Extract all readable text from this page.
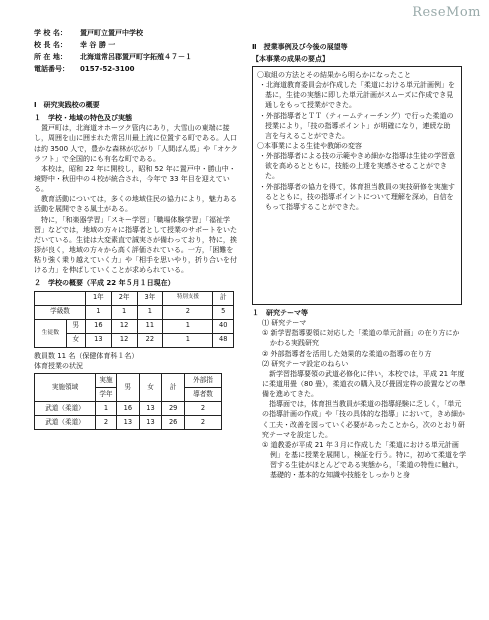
ReseMom
学 校 名：	置戸町立置戸中学校
校 長 名：	幸 谷 勝 一
所 在 地：	北海道常呂郡置戸町字拓殖４７－１
電話番号：	0157-52-3100

Ⅰ　研究実践校の概要

１　学校・地域の特色及び実態

置戸町は，北海道オホーツク管内にあり，大雪山の東端に接し，周囲を山に囲まれた常呂川最上流に位置する町である。人口は約 3500 人で，豊かな森林が広がり「人間ばん馬」や「オケクラフト」で全国的にも有名な町である。

本校は，昭和 22 年に開校し，昭和 52 年に置戸中・勝山中・境野中・秋田中の４校が統合され，今年で 33 年目を迎えている。

教育活動については，多くの地域住民の協力により，魅力ある活動を展開できる風土がある。

特に，「和楽器学習」「スキー学習」「職場体験学習」「福祉学習」などでは，地域の方々に指導者として授業のサポートをいただいている。生徒は大変素直で誠実さが備わっており，特に，挨拶が良く，地域の方々から高く評価されている。一方，「困難を粘り強く乗り越えていく力」や「相手を思いやり，折り合いを付ける力」を伸ばしていくことが求められている。

２　学校の概要（平成 22 年５月１日現在）

		1年	2年	3年	特別支援	計
学級数		1	1	1	2	5
生徒数	男	16	12	11	1	40
	女	13	12	22	1	48

教員数 11 名（保健体育科１名）

体育授業の状況

実施領域	実施	男	女	計	外部指
	学年				導者数
武道（柔道）	1	16	13	29	2
武道（柔道）	2	13	13	26	2

Ⅱ　授業事例及び今後の展望等

【本事業の成果の要点】

〇取組の方法とその結果から明らかになったこと

・北海道教育委員会が作成した「柔道における単元計画例」を基に，生徒の実態に即した単元計画がスムーズに作成でき見通しをもって授業ができた。

・外部指導者とＴＴ（ティームティーチング）で行った柔道の授業により，「技の指導ポイント」が明確になり，連続な助言を与えることができた。

〇本事業による生徒や教師の変容

・外部指導者による技の示範やきめ細かな指導は生徒の学習意欲を高めるとともに，技能の上達を実感させることができた。

・外部指導者の協力を得て，体育担当教員の実技研修を実施するとともに，技の指導ポイントについて理解を深め，自信をもって指導することができた。

１　研究テーマ等

⑴ 研究テーマ

① 新学習指導要領に対応した「柔道の単元計画」の在り方にかかわる実践研究

② 外部指導者を活用した効果的な柔道の指導の在り方

⑵ 研究テーマ設定のねらい

新学習指導要領の武道必修化に伴い，本校では，平成 21 年度に柔道用畳（80 畳），柔道衣の購入及び畳固定枠の設置などの準備を進めてきた。

指導面では，体育担当教員が柔道の指導経験に乏しく，「単元の指導計画の作成」や「技の具体的な指導」において，きめ細かく工夫・改善を図っていく必要があったことから，次のとおり研究テーマを設定した。

① 道教委が平成 21 年３月に作成した「柔道における単元計画例」を基に授業を展開し，検証を行う。特に，初めて柔道を学習する生徒がほとんどである実態から，「柔道の特性に触れ，基礎的・基本的な知識や技能をしっかりと身
